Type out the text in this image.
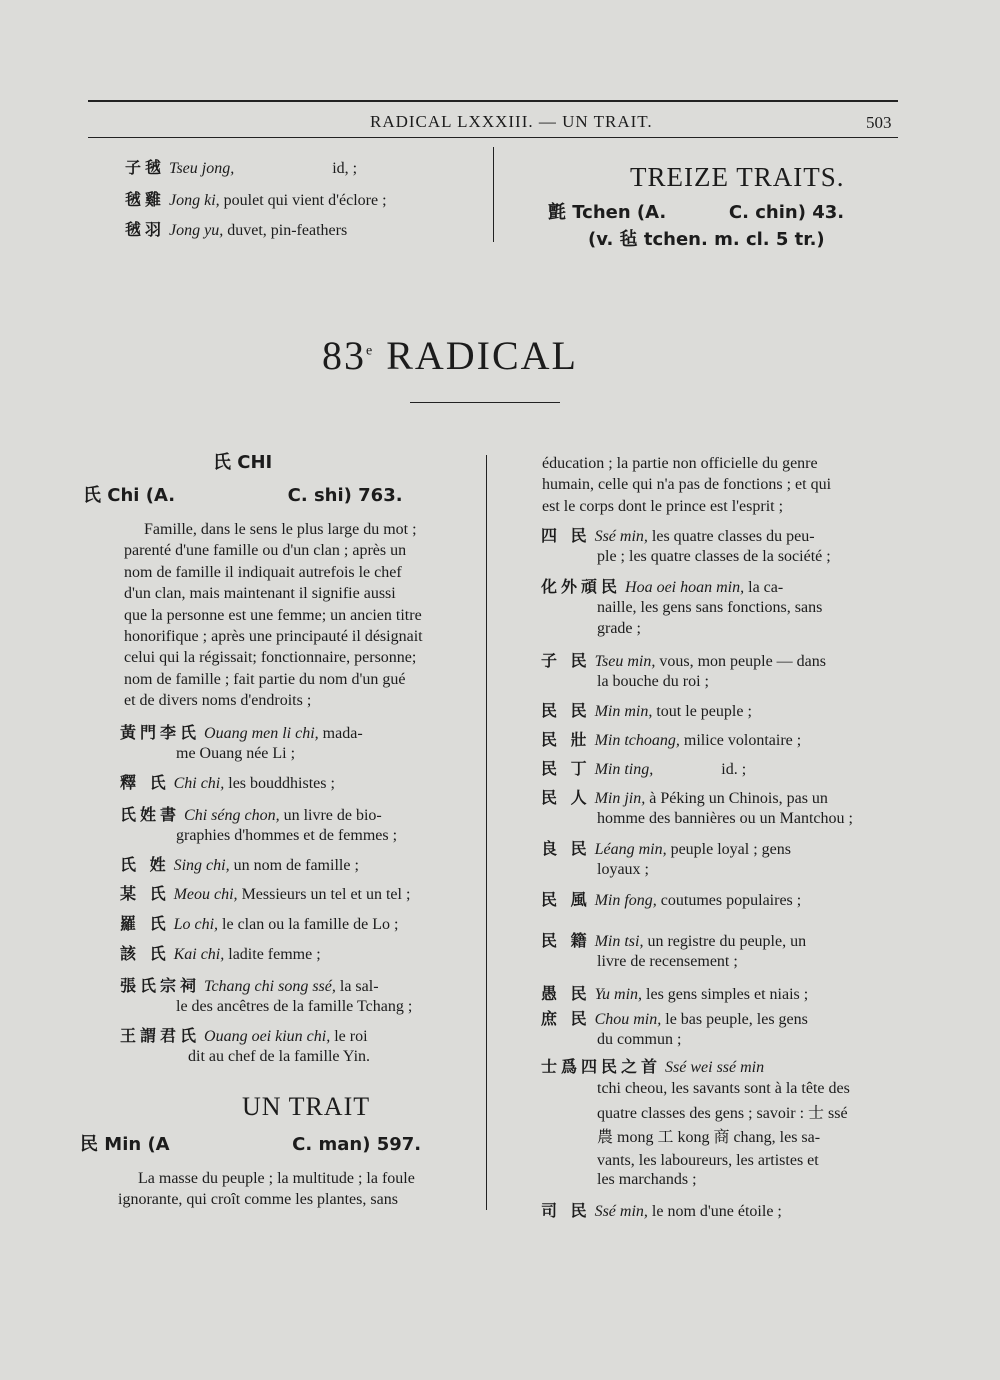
RADICAL LXXXIII. — UN TRAIT.	503
子毧 Tseu jong,	id, ;
毧雞 Jong ki, poulet qui vient d'éclore ;
毧羽 Jong yu, duvet, pin-feathers
TREIZE TRAITS.
氈 Tchen (A.          C. chin) 43.
(v. 毡 tchen. m. cl. 5 tr.)
83e RADICAL
氏 CHI
氏 Chi (A.	C. shi) 763.
Famille, dans le sens le plus large du mot ;
parenté d'une famille ou d'un clan ; après un
nom de famille il indiquait autrefois le chef
d'un clan, mais maintenant il signifie aussi
que la personne est une femme; un ancien titre
honorifique ; après une principauté il désignait
celui qui la régissait; fonctionnaire, personne;
nom de famille ; fait partie du nom d'un gué
et de divers noms d'endroits ;
黃門李氏 Ouang men li chi, mada-
me Ouang née Li ;
釋 氏 Chi chi, les bouddhistes ;
氏姓書 Chi séng chon, un livre de bio-
graphies d'hommes et de femmes ;
氏 姓 Sing chi, un nom de famille ;
某 氏 Meou chi, Messieurs un tel et un tel ;
羅 氏 Lo chi, le clan ou la famille de Lo ;
該 氏 Kai chi, ladite femme ;
張氏宗祠 Tchang chi song ssé, la sal-
le des ancêtres de la famille Tchang ;
王謂君氏 Ouang oei kiun chi, le roi
dit au chef de la famille Yin.
UN TRAIT
民 Min (A	C. man) 597.
La masse du peuple ; la multitude ; la foule
ignorante, qui croît comme les plantes, sans
éducation ; la partie non officielle du genre
humain, celle qui n'a pas de fonctions ; et qui
est le corps dont le prince est l'esprit ;
四 民 Ssé min, les quatre classes du peu-
ple ; les quatre classes de la société ;
化外頑民 Hoa oei hoan min, la ca-
naille, les gens sans fonctions, sans
grade ;
子 民 Tseu min, vous, mon peuple — dans
la bouche du roi ;
民 民 Min min, tout le peuple ;
民 壯 Min tchoang, milice volontaire ;
民 丁 Min ting,	id. ;
民 人 Min jin, à Péking un Chinois, pas un
homme des bannières ou un Mantchou ;
良 民 Léang min, peuple loyal ; gens
loyaux ;
民 風 Min fong, coutumes populaires ;
民 籍 Min tsi, un registre du peuple, un
livre de recensement ;
愚 民 Yu min, les gens simples et niais ;
庶 民 Chou min, le bas peuple, les gens
du commun ;
士爲四民之首 Ssé wei ssé min
tchi cheou, les savants sont à la tête des
quatre classes des gens ; savoir : 士 ssé
農 mong 工 kong 商 chang, les sa-
vants, les laboureurs, les artistes et
les marchands ;
司 民 Ssé min, le nom d'une étoile ;
